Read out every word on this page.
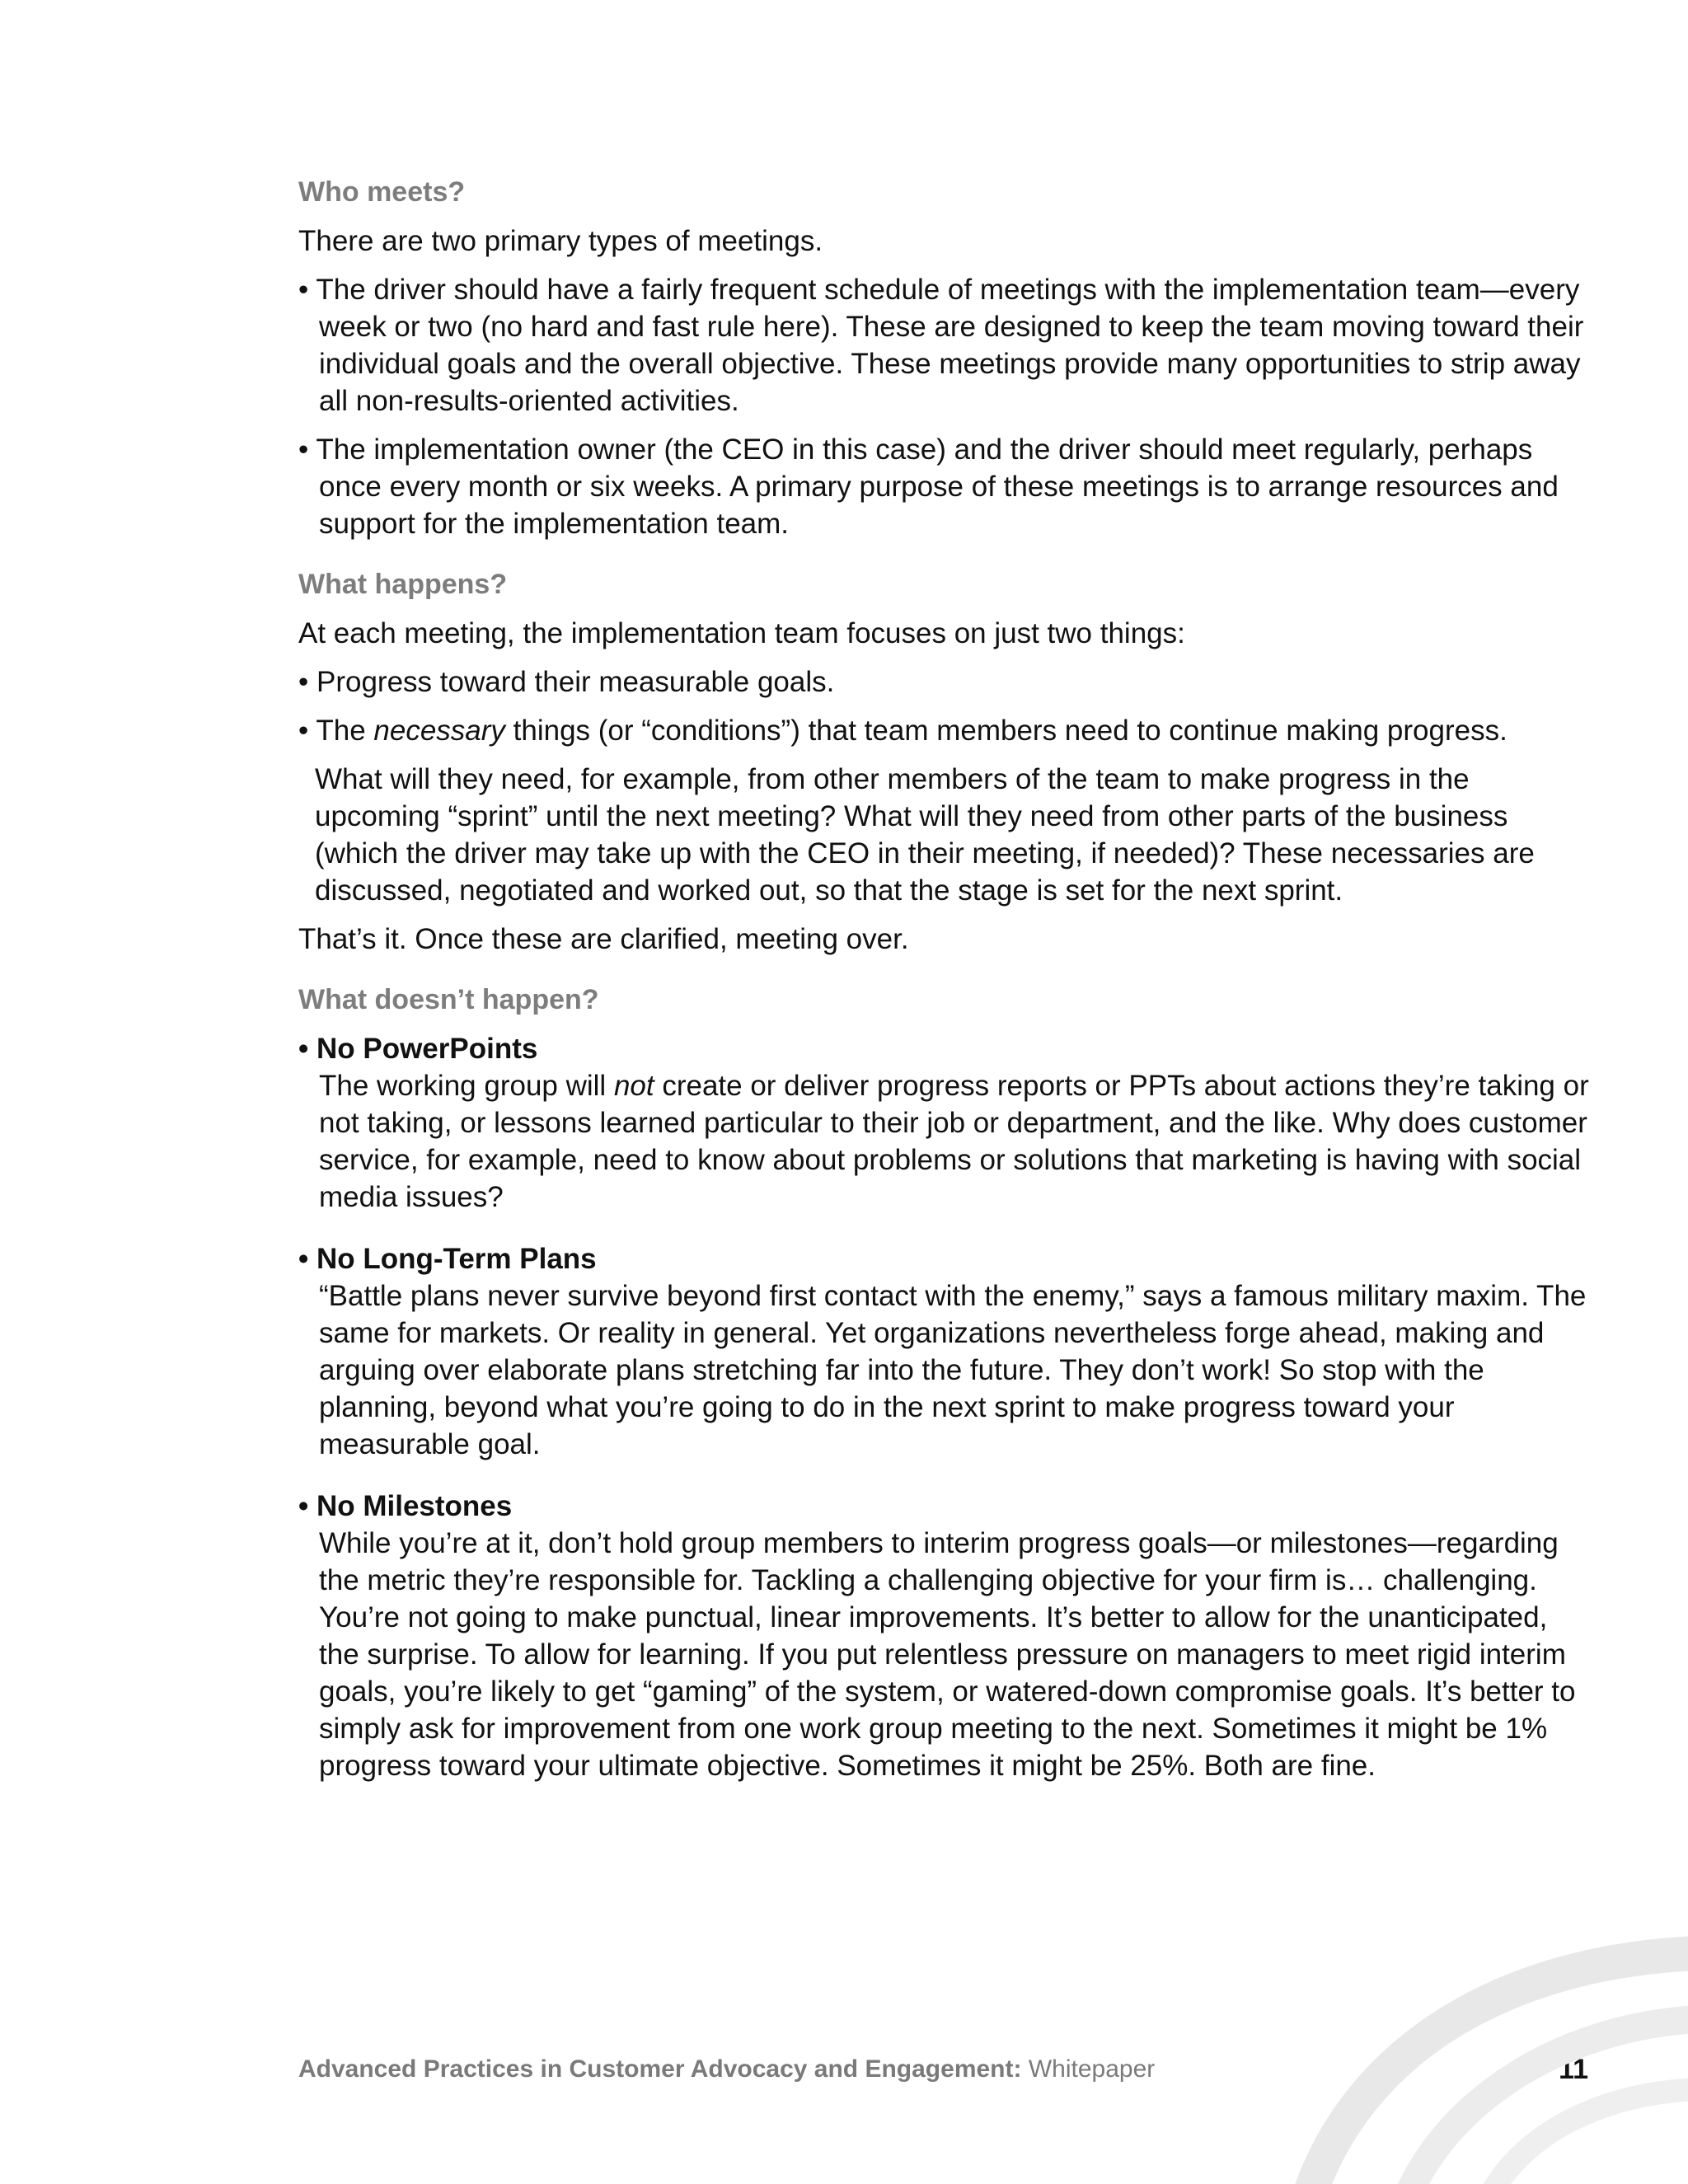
Who meets?

There are two primary types of meetings.

• The driver should have a fairly frequent schedule of meetings with the implementation team—every week or two (no hard and fast rule here). These are designed to keep the team moving toward their individual goals and the overall objective. These meetings provide many opportunities to strip away all non-results-oriented activities.

• The implementation owner (the CEO in this case) and the driver should meet regularly, perhaps once every month or six weeks. A primary purpose of these meetings is to arrange resources and support for the implementation team.

What happens?

At each meeting, the implementation team focuses on just two things:

• Progress toward their measurable goals.

• The necessary things (or “conditions”) that team members need to continue making progress.

What will they need, for example, from other members of the team to make progress in the upcoming “sprint” until the next meeting? What will they need from other parts of the business (which the driver may take up with the CEO in their meeting, if needed)? These necessaries are discussed, negotiated and worked out, so that the stage is set for the next sprint.

That’s it. Once these are clarified, meeting over.

What doesn’t happen?
• No PowerPoints
The working group will not create or deliver progress reports or PPTs about actions they’re taking or not taking, or lessons learned particular to their job or department, and the like. Why does customer service, for example, need to know about problems or solutions that marketing is having with social media issues?
• No Long-Term Plans
“Battle plans never survive beyond first contact with the enemy,” says a famous military maxim. The same for markets. Or reality in general. Yet organizations nevertheless forge ahead, making and arguing over elaborate plans stretching far into the future. They don’t work! So stop with the planning, beyond what you’re going to do in the next sprint to make progress toward your measurable goal.
• No Milestones
While you’re at it, don’t hold group members to interim progress goals—or milestones—regarding the metric they’re responsible for. Tackling a challenging objective for your firm is… challenging. You’re not going to make punctual, linear improvements. It’s better to allow for the unanticipated, the surprise. To allow for learning. If you put relentless pressure on managers to meet rigid interim goals, you’re likely to get “gaming” of the system, or watered-down compromise goals. It’s better to simply ask for improvement from one work group meeting to the next. Sometimes it might be 1% progress toward your ultimate objective. Sometimes it might be 25%. Both are fine.
Advanced Practices in Customer Advocacy and Engagement: Whitepaper	11
